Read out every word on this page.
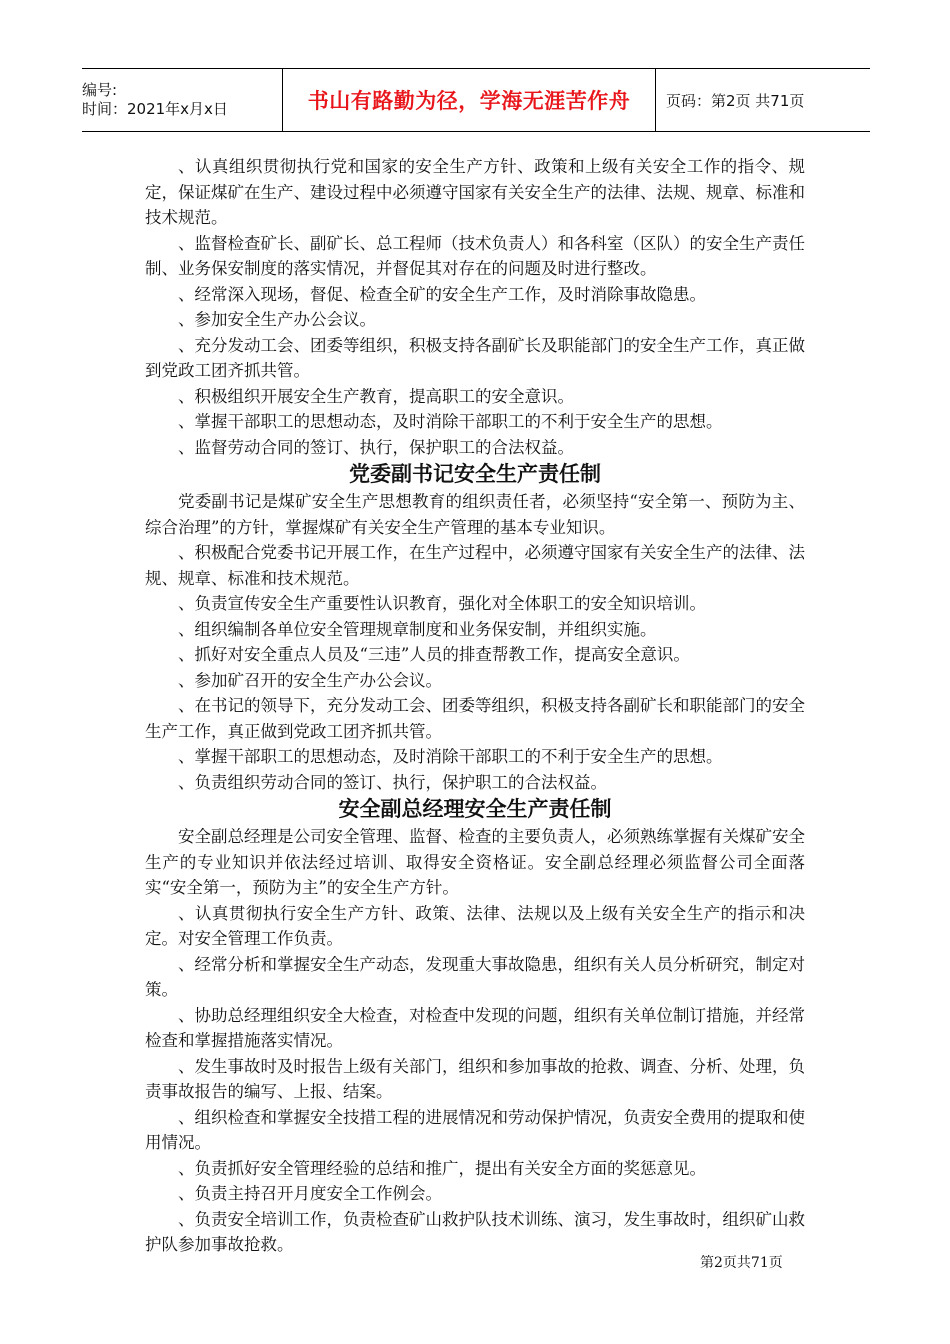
编号:
时间：2021年x月x日	书山有路勤为径，学海无涯苦作舟	页码：第2页 共71页

、认真组织贯彻执行党和国家的安全生产方针、政策和上级有关安全工作的指令、规定，保证煤矿在生产、建设过程中必须遵守国家有关安全生产的法律、法规、规章、标准和技术规范。

、监督检查矿长、副矿长、总工程师（技术负责人）和各科室（区队）的安全生产责任制、业务保安制度的落实情况，并督促其对存在的问题及时进行整改。

、经常深入现场，督促、检查全矿的安全生产工作，及时消除事故隐患。

、参加安全生产办公会议。

、充分发动工会、团委等组织，积极支持各副矿长及职能部门的安全生产工作，真正做到党政工团齐抓共管。

、积极组织开展安全生产教育，提高职工的安全意识。

、掌握干部职工的思想动态，及时消除干部职工的不利于安全生产的思想。

、监督劳动合同的签订、执行，保护职工的合法权益。

党委副书记安全生产责任制

党委副书记是煤矿安全生产思想教育的组织责任者，必须坚持“安全第一、预防为主、综合治理”的方针，掌握煤矿有关安全生产管理的基本专业知识。

、积极配合党委书记开展工作，在生产过程中，必须遵守国家有关安全生产的法律、法规、规章、标准和技术规范。

、负责宣传安全生产重要性认识教育，强化对全体职工的安全知识培训。

、组织编制各单位安全管理规章制度和业务保安制，并组织实施。

、抓好对安全重点人员及“三违”人员的排查帮教工作，提高安全意识。

、参加矿召开的安全生产办公会议。

、在书记的领导下，充分发动工会、团委等组织，积极支持各副矿长和职能部门的安全生产工作，真正做到党政工团齐抓共管。

、掌握干部职工的思想动态，及时消除干部职工的不利于安全生产的思想。

、负责组织劳动合同的签订、执行，保护职工的合法权益。

安全副总经理安全生产责任制

安全副总经理是公司安全管理、监督、检查的主要负责人，必须熟练掌握有关煤矿安全生产的专业知识并依法经过培训、取得安全资格证。安全副总经理必须监督公司全面落实“安全第一，预防为主”的安全生产方针。

、认真贯彻执行安全生产方针、政策、法律、法规以及上级有关安全生产的指示和决定。对安全管理工作负责。

、经常分析和掌握安全生产动态，发现重大事故隐患，组织有关人员分析研究，制定对策。

、协助总经理组织安全大检查，对检查中发现的问题，组织有关单位制订措施，并经常检查和掌握措施落实情况。

、发生事故时及时报告上级有关部门，组织和参加事故的抢救、调查、分析、处理，负责事故报告的编写、上报、结案。

、组织检查和掌握安全技措工程的进展情况和劳动保护情况，负责安全费用的提取和使用情况。

、负责抓好安全管理经验的总结和推广，提出有关安全方面的奖惩意见。

、负责主持召开月度安全工作例会。

、负责安全培训工作，负责检查矿山救护队技术训练、演习，发生事故时，组织矿山救护队参加事故抢救。

第2页共71页
